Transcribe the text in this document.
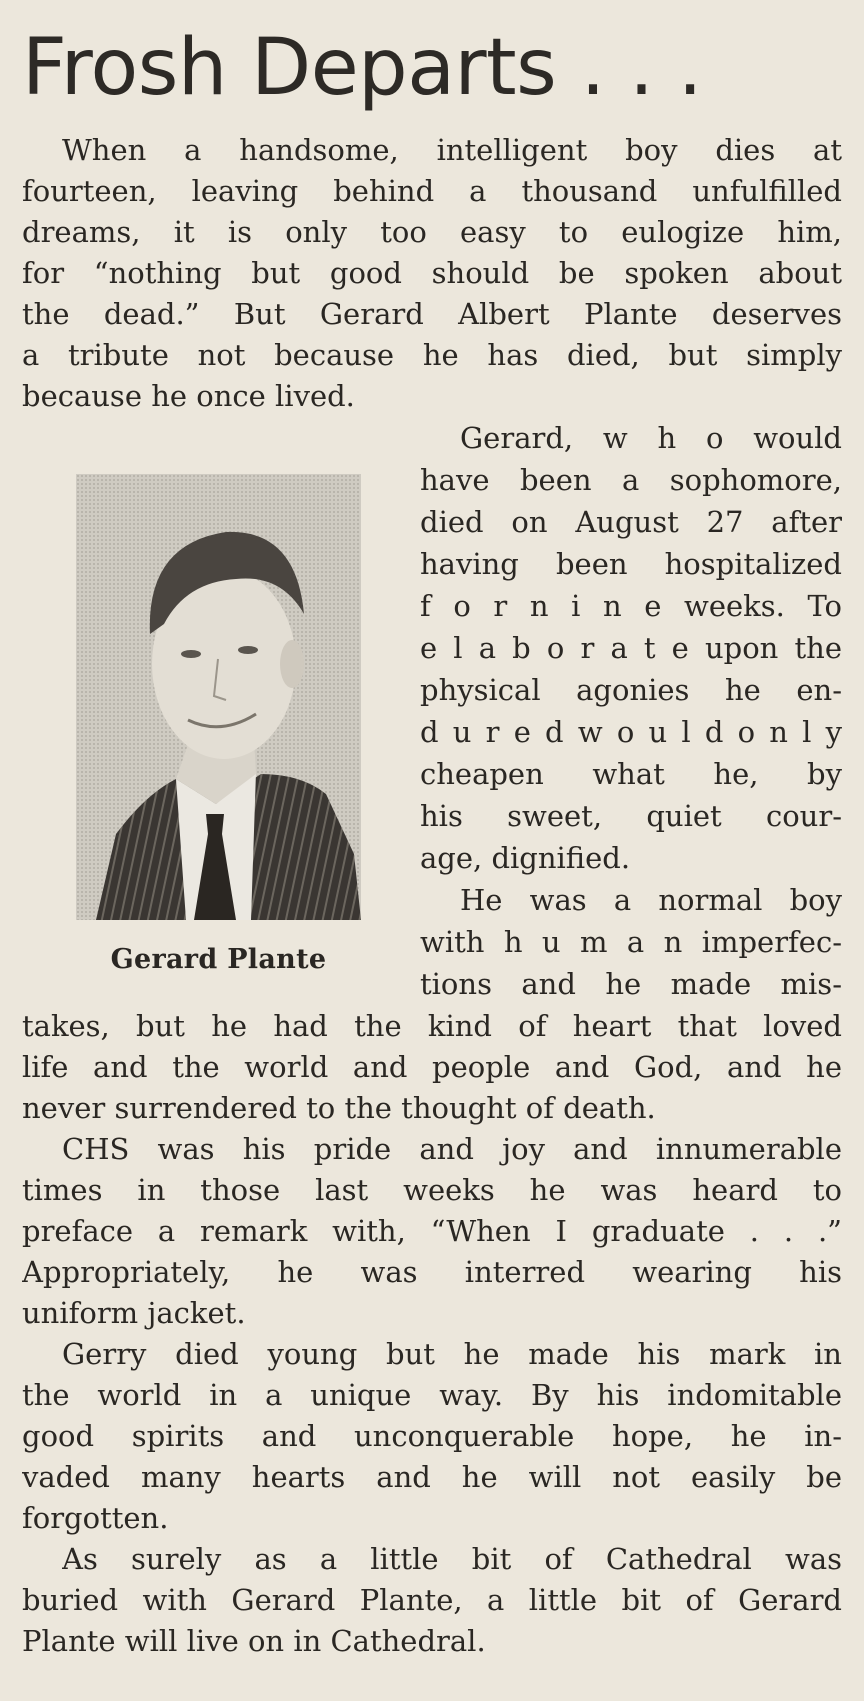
Frosh Departs . . .
When a handsome, intelligent boy dies at
fourteen, leaving behind a thousand unfulfilled
dreams, it is only too easy to eulogize him,
for “nothing but good should be spoken about
the dead.” But Gerard Albert Plante deserves
a tribute not because he has died, but simply
because he once lived.
Gerard, w h o would
have been a sophomore,
died on August 27 after
having been hospitalized
f o r n i n e weeks. To
e l a b o r a t e upon the
physical agonies he en-
d u r e d w o u l d o n l y
cheapen what he, by
his sweet, quiet cour-
age, dignified.
He was a normal boy
with h u m a n imperfec-
tions and he made mis-
Gerard Plante
takes, but he had the kind of heart that loved
life and the world and people and God, and he
never surrendered to the thought of death.
CHS was his pride and joy and innumerable
times in those last weeks he was heard to
preface a remark with, “When I graduate . . .”
Appropriately, he was interred wearing his
uniform jacket.
Gerry died young but he made his mark in
the world in a unique way. By his indomitable
good spirits and unconquerable hope, he in-
vaded many hearts and he will not easily be
forgotten.
As surely as a little bit of Cathedral was
buried with Gerard Plante, a little bit of Gerard
Plante will live on in Cathedral.
